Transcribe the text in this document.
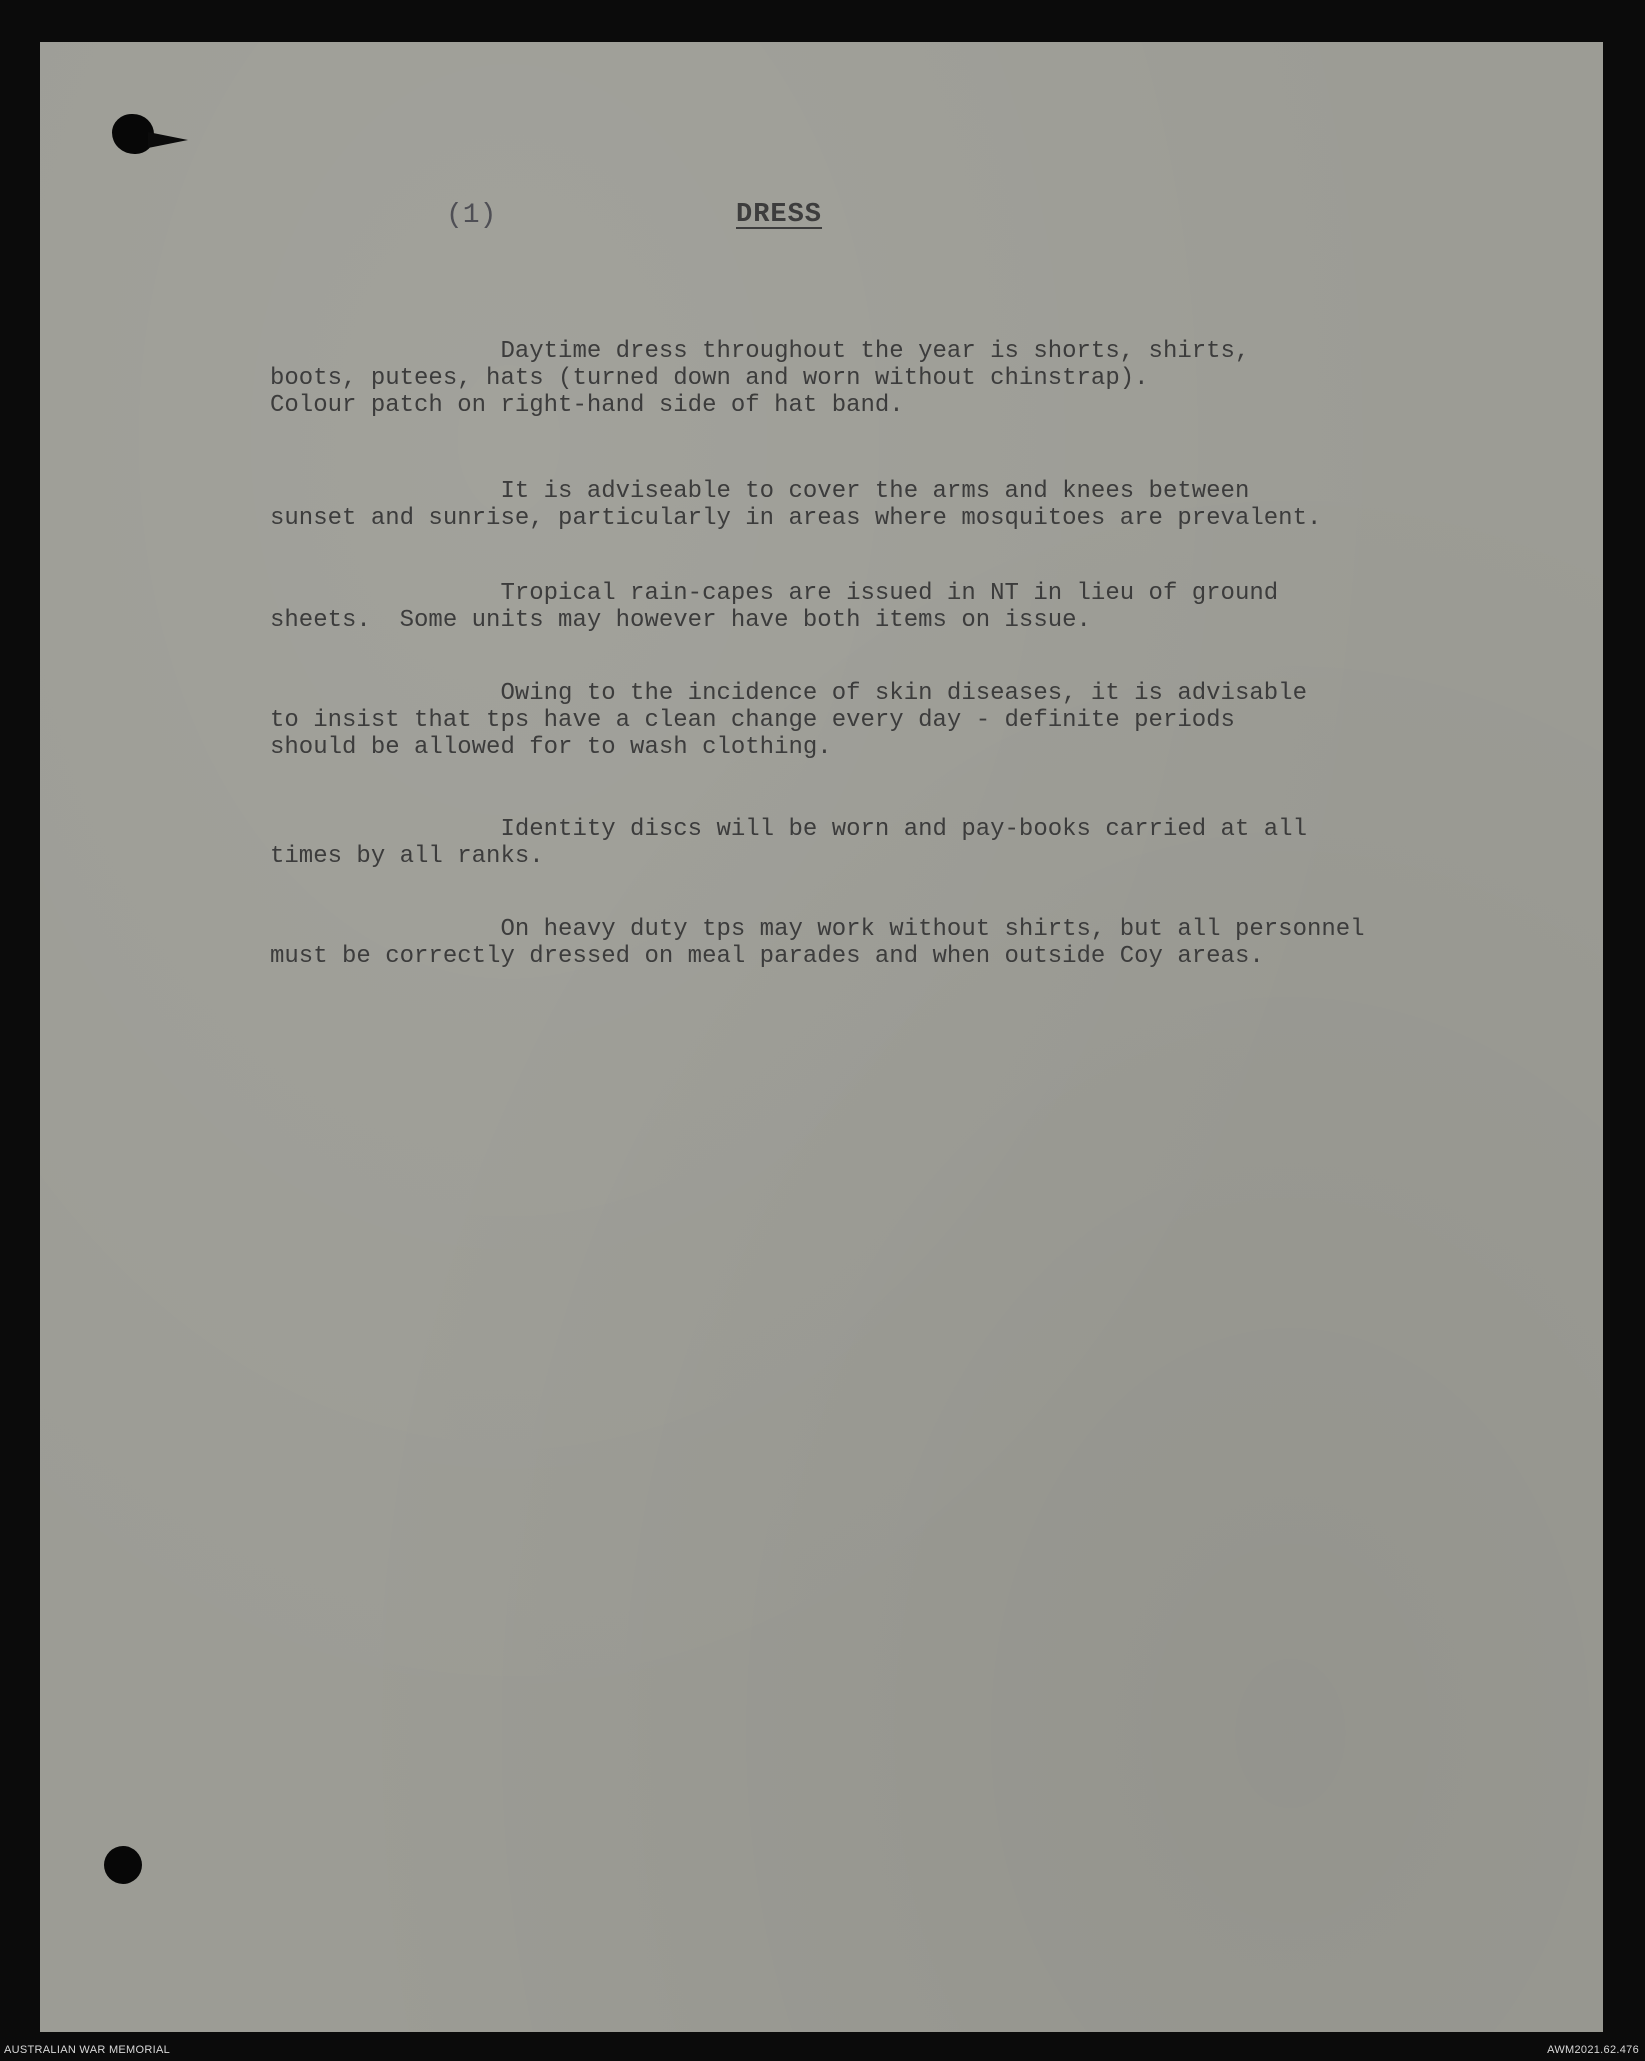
(1)	DRESS

Daytime dress throughout the year is shorts, shirts,
boots, putees, hats (turned down and worn without chinstrap).
Colour patch on right-hand side of hat band.

It is adviseable to cover the arms and knees between
sunset and sunrise, particularly in areas where mosquitoes are prevalent.

Tropical rain-capes are issued in NT in lieu of ground
sheets.  Some units may however have both items on issue.

Owing to the incidence of skin diseases, it is advisable
to insist that tps have a clean change every day - definite periods
should be allowed for to wash clothing.

Identity discs will be worn and pay-books carried at all
times by all ranks.

On heavy duty tps may work without shirts, but all personnel
must be correctly dressed on meal parades and when outside Coy areas.

AUSTRALIAN WAR MEMORIAL	AWM2021.62.476
